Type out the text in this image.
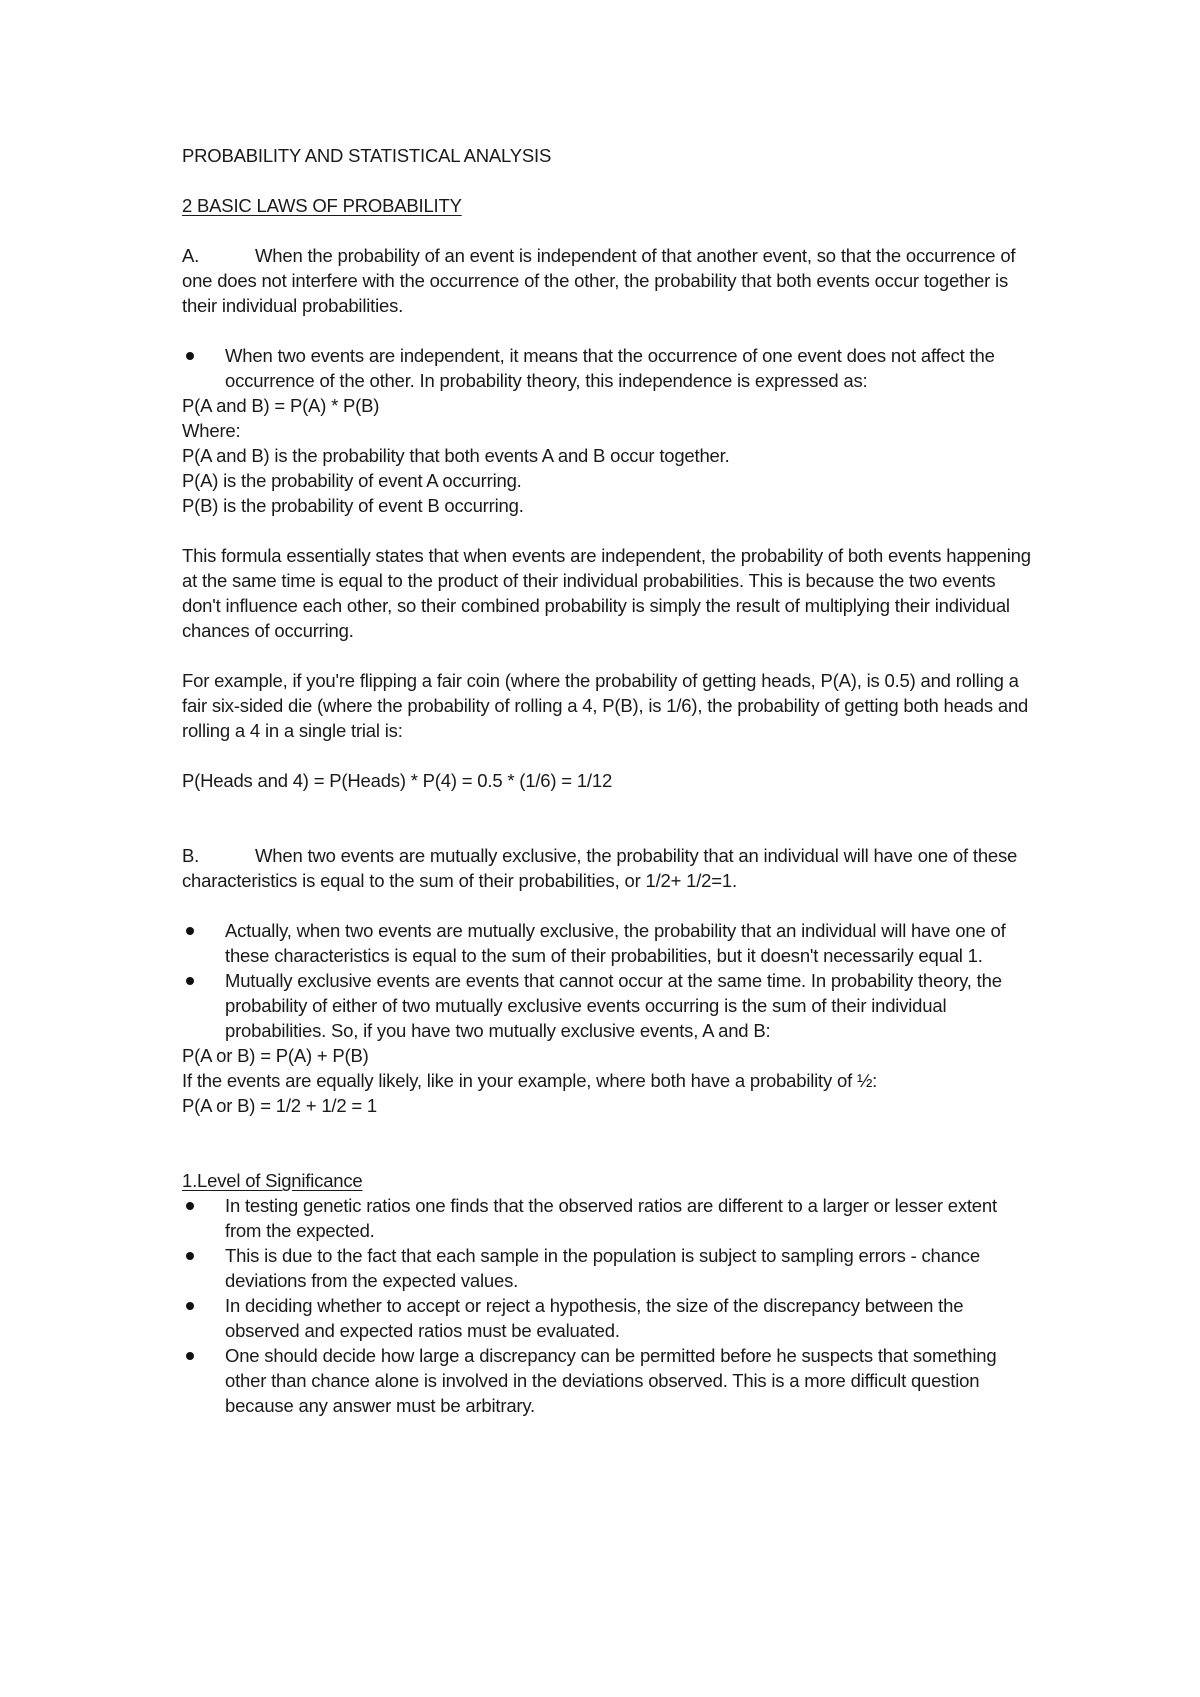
PROBABILITY AND STATISTICAL ANALYSIS

2 BASIC LAWS OF PROBABILITY

A.	When the probability of an event is independent of that another event, so that the occurrence of one does not interfere with the occurrence of the other, the probability that both events occur together is their individual probabilities.

When two events are independent, it means that the occurrence of one event does not affect the occurrence of the other. In probability theory, this independence is expressed as:

P(A and B) = P(A) * P(B)

Where:

P(A and B) is the probability that both events A and B occur together.

P(A) is the probability of event A occurring.

P(B) is the probability of event B occurring.

This formula essentially states that when events are independent, the probability of both events happening at the same time is equal to the product of their individual probabilities. This is because the two events don't influence each other, so their combined probability is simply the result of multiplying their individual chances of occurring.

For example, if you're flipping a fair coin (where the probability of getting heads, P(A), is 0.5) and rolling a fair six-sided die (where the probability of rolling a 4, P(B), is 1/6), the probability of getting both heads and rolling a 4 in a single trial is:

P(Heads and 4) = P(Heads) * P(4) = 0.5 * (1/6) = 1/12

B.	When two events are mutually exclusive, the probability that an individual will have one of these characteristics is equal to the sum of their probabilities, or 1/2+ 1/2=1.

Actually, when two events are mutually exclusive, the probability that an individual will have one of these characteristics is equal to the sum of their probabilities, but it doesn't necessarily equal 1.
Mutually exclusive events are events that cannot occur at the same time. In probability theory, the probability of either of two mutually exclusive events occurring is the sum of their individual probabilities. So, if you have two mutually exclusive events, A and B:

P(A or B) = P(A) + P(B)

If the events are equally likely, like in your example, where both have a probability of ½:

P(A or B) = 1/2 + 1/2 = 1

1.Level of Significance

In testing genetic ratios one finds that the observed ratios are different to a larger or lesser extent from the expected.
This is due to the fact that each sample in the population is subject to sampling errors - chance deviations from the expected values.
In deciding whether to accept or reject a hypothesis, the size of the discrepancy between the observed and expected ratios must be evaluated.
One should decide how large a discrepancy can be permitted before he suspects that something other than chance alone is involved in the deviations observed. This is a more difficult question because any answer must be arbitrary.
